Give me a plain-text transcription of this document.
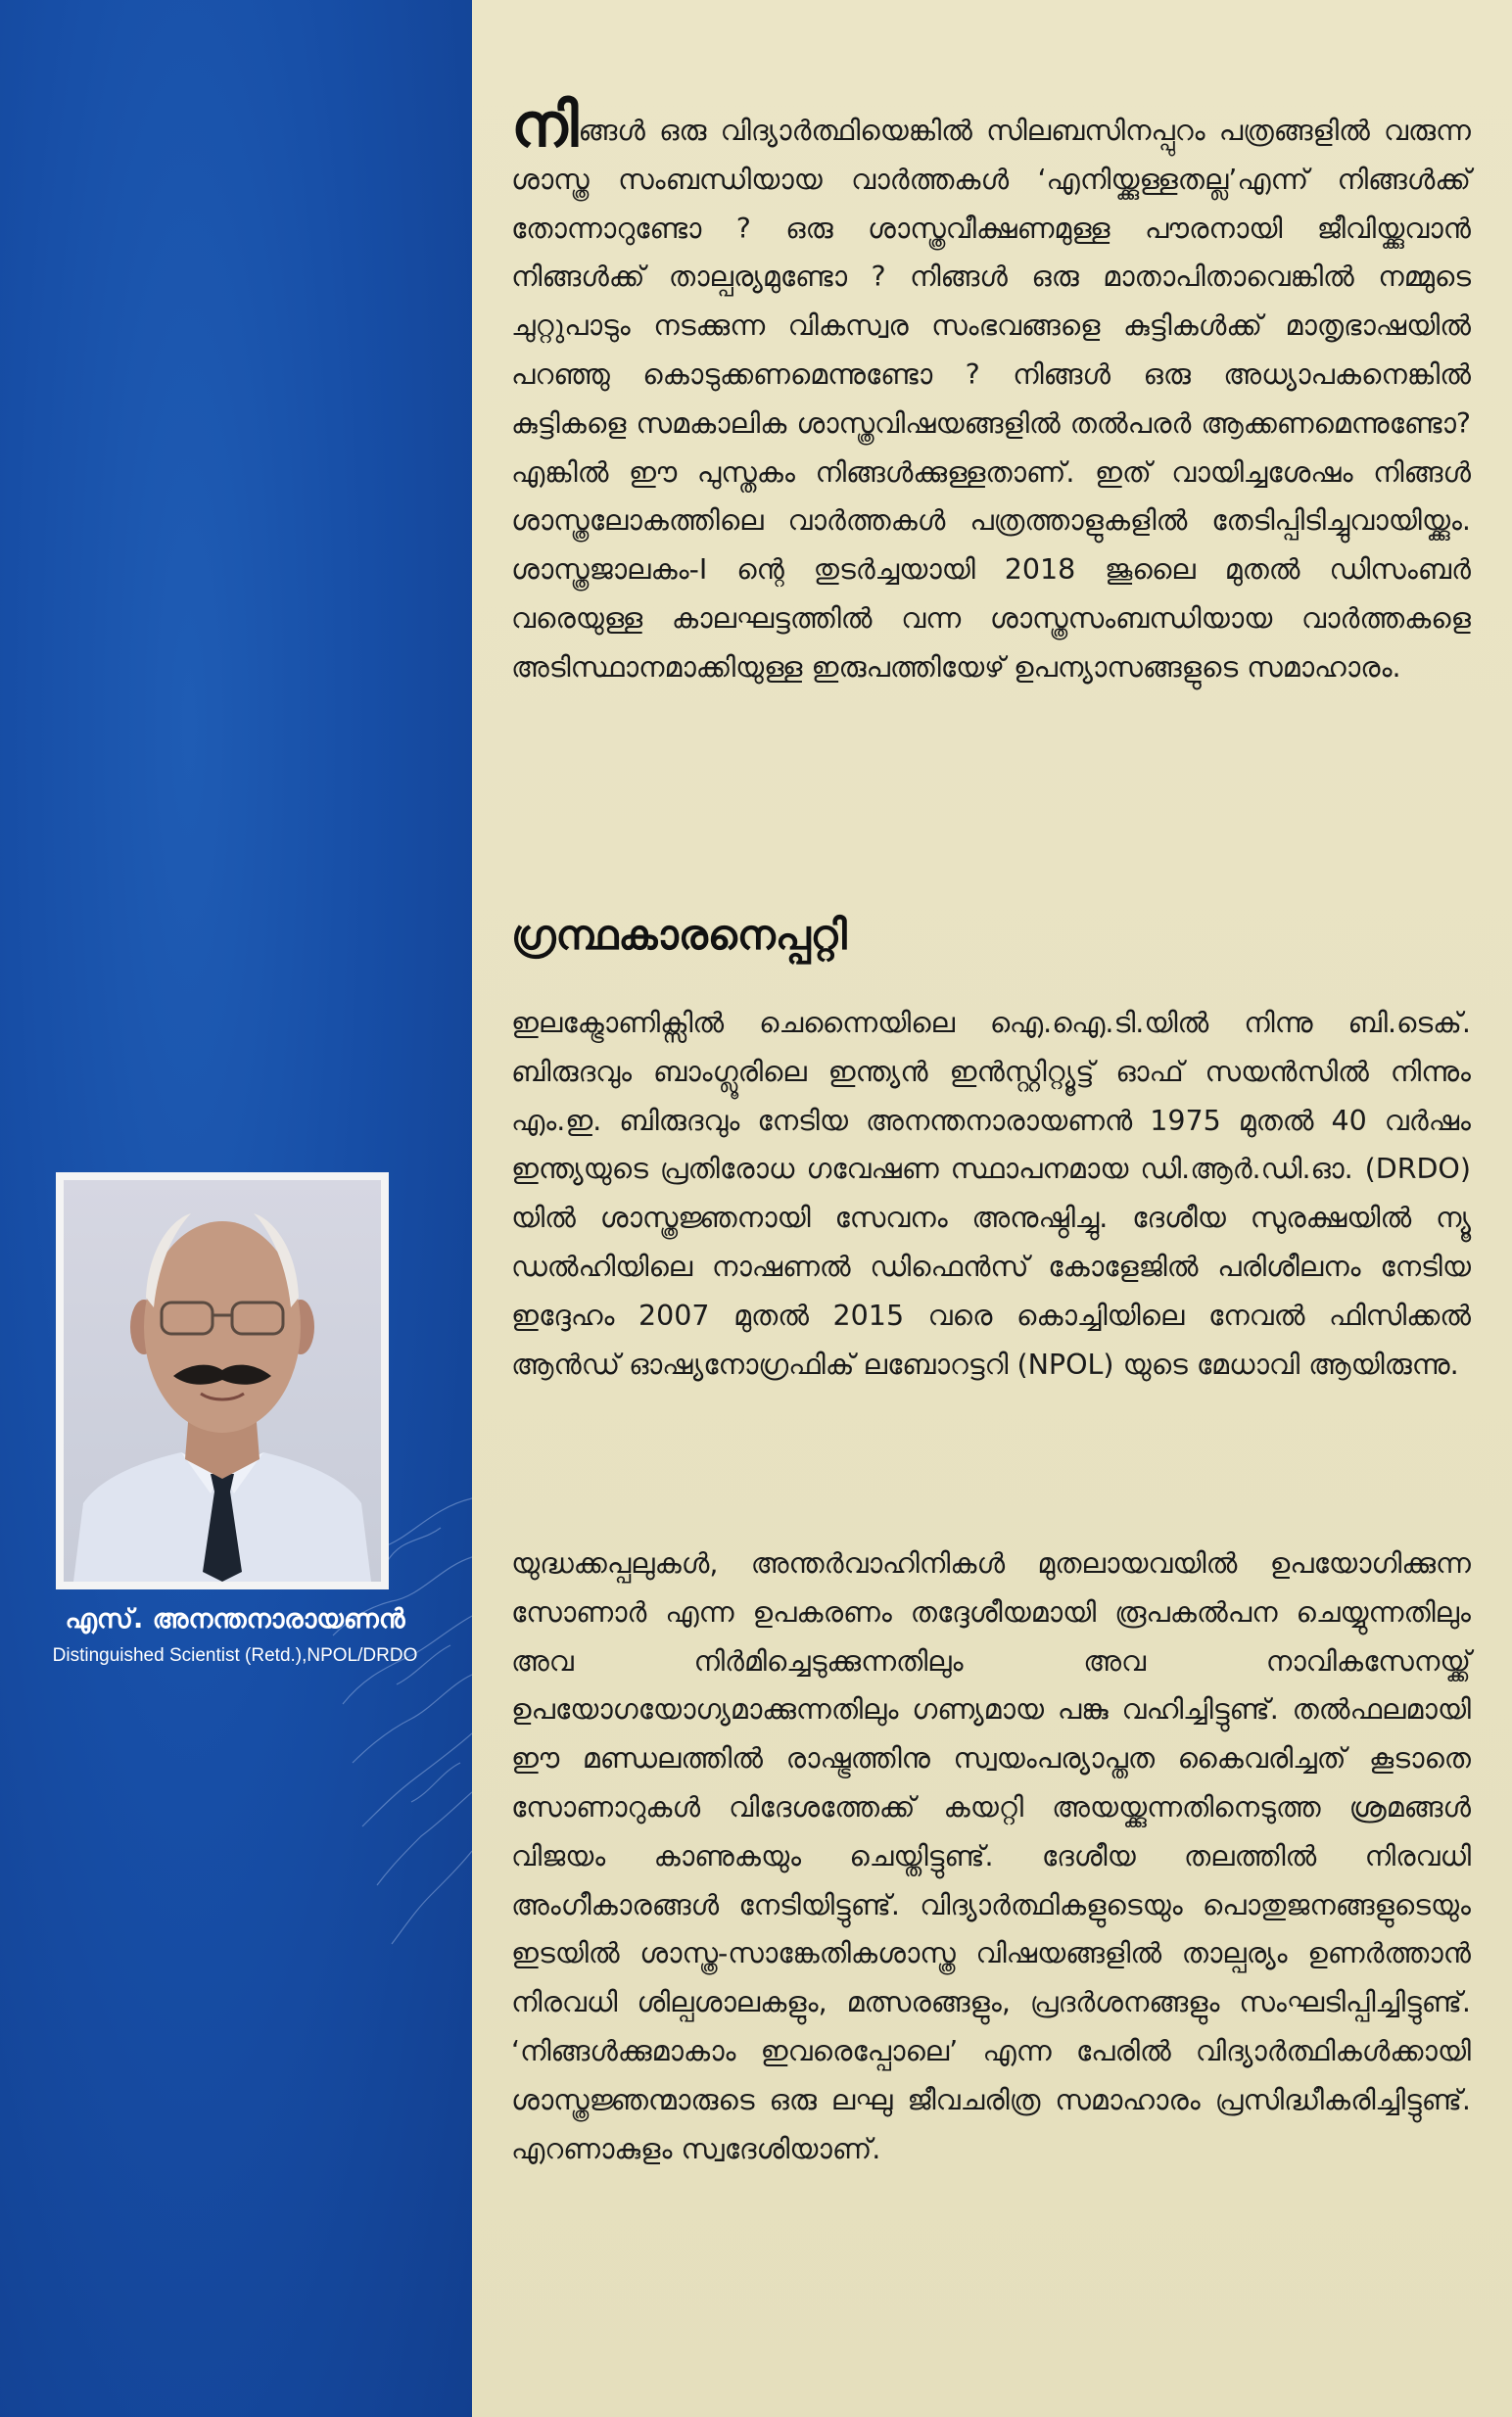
എസ്. അനന്തനാരായണൻ
Distinguished Scientist (Retd.),NPOL/DRDO
നിങ്ങൾ ഒരു വിദ്യാർത്ഥിയെങ്കിൽ സിലബസിനപ്പുറം പത്രങ്ങളിൽ വരുന്ന ശാസ്ത്ര സംബന്ധിയായ വാർത്തകൾ ‘എനിയ്ക്കുള്ളതല്ല’എന്ന് നിങ്ങൾക്ക് തോന്നാറുണ്ടോ ? ഒരു ശാസ്ത്രവീക്ഷണമുള്ള പൗരനായി ജീവിയ്ക്കുവാൻ നിങ്ങൾക്ക് താല്പര്യമുണ്ടോ ? നിങ്ങൾ ഒരു മാതാപിതാവെങ്കിൽ നമ്മുടെ ചുറ്റുപാടും നടക്കുന്ന വികസ്വര സംഭവങ്ങളെ കുട്ടികൾക്ക് മാതൃഭാഷയിൽ പറഞ്ഞു കൊടുക്കണമെന്നുണ്ടോ ? നിങ്ങൾ ഒരു അധ്യാപകനെങ്കിൽ കുട്ടികളെ സമകാലിക ശാസ്ത്രവിഷയങ്ങളിൽ തൽപരർ ആക്കണമെന്നുണ്ടോ? എങ്കിൽ ഈ പുസ്തകം നിങ്ങൾക്കുള്ളതാണ്. ഇത് വായിച്ചശേഷം നിങ്ങൾ ശാസ്ത്രലോകത്തിലെ വാർത്തകൾ പത്രത്താളുകളിൽ തേടിപ്പിടിച്ചുവായിയ്ക്കും. ശാസ്ത്രജാലകം-I ന്റെ തുടർച്ചയായി 2018 ജൂലൈ മുതൽ ഡിസംബർ വരെയുള്ള കാലഘട്ടത്തിൽ വന്ന ശാസ്ത്രസംബന്ധിയായ വാർത്തകളെ അടിസ്ഥാനമാക്കിയുള്ള ഇരുപത്തിയേഴ് ഉപന്യാസങ്ങളുടെ സമാഹാരം.
ഗ്രന്ഥകാരനെപ്പറ്റി
ഇലക്ട്രോണിക്സിൽ ചെന്നൈയിലെ ഐ.ഐ.ടി.യിൽ നിന്നു ബി.ടെക്. ബിരുദവും ബാംഗ്ലൂരിലെ ഇന്ത്യൻ ഇൻസ്റ്റിറ്റ്യൂട്ട് ഓഫ് സയൻസിൽ നിന്നും എം.ഇ. ബിരുദവും നേടിയ അനന്തനാരായണൻ 1975 മുതൽ 40 വർഷം ഇന്ത്യയുടെ പ്രതിരോധ ഗവേഷണ സ്ഥാപനമായ ഡി.ആർ.ഡി.ഓ. (DRDO) യിൽ ശാസ്ത്രജ്ഞനായി സേവനം അനുഷ്ഠിച്ചു. ദേശീയ സുരക്ഷയിൽ ന്യൂ ഡൽഹിയിലെ നാഷണൽ ഡിഫെൻസ് കോളേജിൽ പരിശീലനം നേടിയ ഇദ്ദേഹം 2007 മുതൽ 2015 വരെ കൊച്ചിയിലെ നേവൽ ഫിസിക്കൽ ആൻഡ് ഓഷ്യനോഗ്രഫിക് ലബോറട്ടറി (NPOL) യുടെ മേധാവി ആയിരുന്നു.
യുദ്ധക്കപ്പലുകൾ, അന്തർവാഹിനികൾ മുതലായവയിൽ ഉപയോഗിക്കുന്ന സോണാർ എന്ന ഉപകരണം തദ്ദേശീയമായി രൂപകൽപന ചെയ്യുന്നതിലും അവ നിർമിച്ചെടുക്കുന്നതിലും അവ നാവികസേനയ്ക്ക് ഉപയോഗയോഗ്യമാക്കുന്നതിലും ഗണ്യമായ പങ്കു വഹിച്ചിട്ടുണ്ട്. തൽഫലമായി ഈ മണ്ഡലത്തിൽ രാഷ്ട്രത്തിനു സ്വയംപര്യാപ്തത കൈവരിച്ചത് കൂടാതെ സോണാറുകൾ വിദേശത്തേക്ക് കയറ്റി അയയ്ക്കുന്നതിനെടുത്ത ശ്രമങ്ങൾ വിജയം കാണുകയും ചെയ്തിട്ടുണ്ട്. ദേശീയ തലത്തിൽ നിരവധി അംഗീകാരങ്ങൾ നേടിയിട്ടുണ്ട്. വിദ്യാർത്ഥികളുടെയും പൊതുജനങ്ങളുടെയും ഇടയിൽ ശാസ്ത്ര-സാങ്കേതികശാസ്ത്ര വിഷയങ്ങളിൽ താല്പര്യം ഉണർത്താൻ നിരവധി ശില്പശാലകളും, മത്സരങ്ങളും, പ്രദർശനങ്ങളും സംഘടിപ്പിച്ചിട്ടുണ്ട്. ‘നിങ്ങൾക്കുമാകാം ഇവരെപ്പോലെ’ എന്ന പേരിൽ വിദ്യാർത്ഥികൾക്കായി ശാസ്ത്രജ്ഞന്മാരുടെ ഒരു ലഘു ജീവചരിത്ര സമാഹാരം പ്രസിദ്ധീകരിച്ചിട്ടുണ്ട്. എറണാകുളം സ്വദേശിയാണ്.
